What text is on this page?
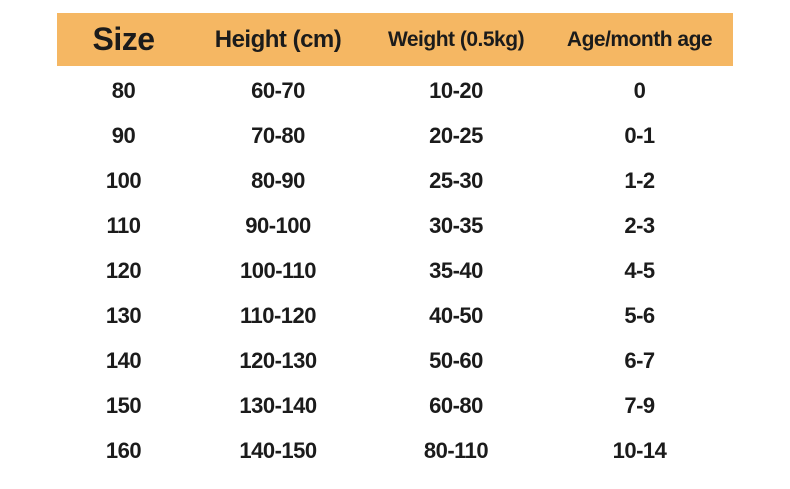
Size	Height (cm)	Weight (0.5kg)	Age/month age
80	60-70	10-20	0
90	70-80	20-25	0-1
100	80-90	25-30	1-2
110	90-100	30-35	2-3
120	100-110	35-40	4-5
130	110-120	40-50	5-6
140	120-130	50-60	6-7
150	130-140	60-80	7-9
160	140-150	80-110	10-14
